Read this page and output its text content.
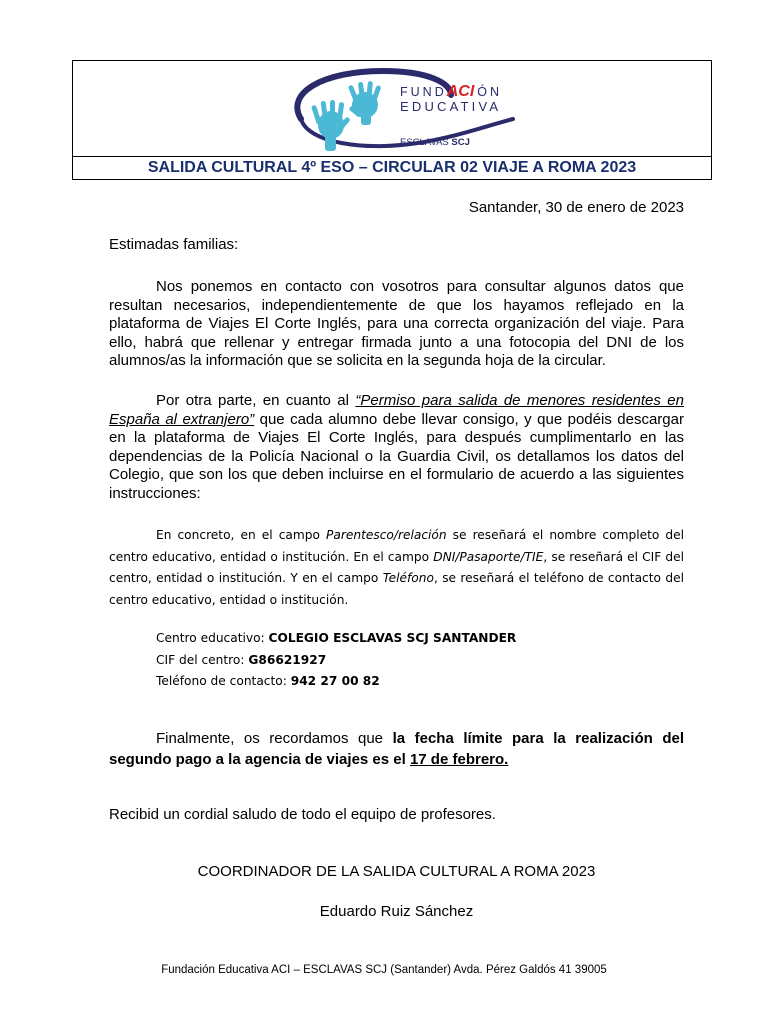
FUNDACI ÓN
EDUCATIVA
ESCLAVAS SCJ
SALIDA CULTURAL 4º ESO – CIRCULAR 02 VIAJE A ROMA 2023
Santander, 30 de enero de 2023
Estimadas familias:
Nos ponemos en contacto con vosotros para consultar algunos datos que resultan necesarios, independientemente de que los hayamos reflejado en la plataforma de Viajes El Corte Inglés, para una correcta organización del viaje. Para ello, habrá que rellenar y entregar firmada junto a una fotocopia del DNI de los alumnos/as la información que se solicita en la segunda hoja de la circular.
Por otra parte, en cuanto al “Permiso para salida de menores residentes en España al extranjero” que cada alumno debe llevar consigo, y que podéis descargar en la plataforma de Viajes El Corte Inglés, para después cumplimentarlo en las dependencias de la Policía Nacional o la Guardia Civil, os detallamos los datos del Colegio, que son los que deben incluirse en el formulario de acuerdo a las siguientes instrucciones:
En concreto, en el campo Parentesco/relación se reseñará el nombre completo del centro educativo, entidad o institución. En el campo DNI/Pasaporte/TIE, se reseñará el CIF del centro, entidad o institución. Y en el campo Teléfono, se reseñará el teléfono de contacto del centro educativo, entidad o institución.
Centro educativo: COLEGIO ESCLAVAS SCJ SANTANDER
CIF del centro: G86621927
Teléfono de contacto: 942 27 00 82
Finalmente, os recordamos que la fecha límite para la realización del segundo pago a la agencia de viajes es el 17 de febrero.
Recibid un cordial saludo de todo el equipo de profesores.
COORDINADOR DE LA SALIDA CULTURAL A ROMA 2023
Eduardo Ruiz Sánchez
Fundación Educativa ACI – ESCLAVAS SCJ (Santander) Avda. Pérez Galdós 41 39005
